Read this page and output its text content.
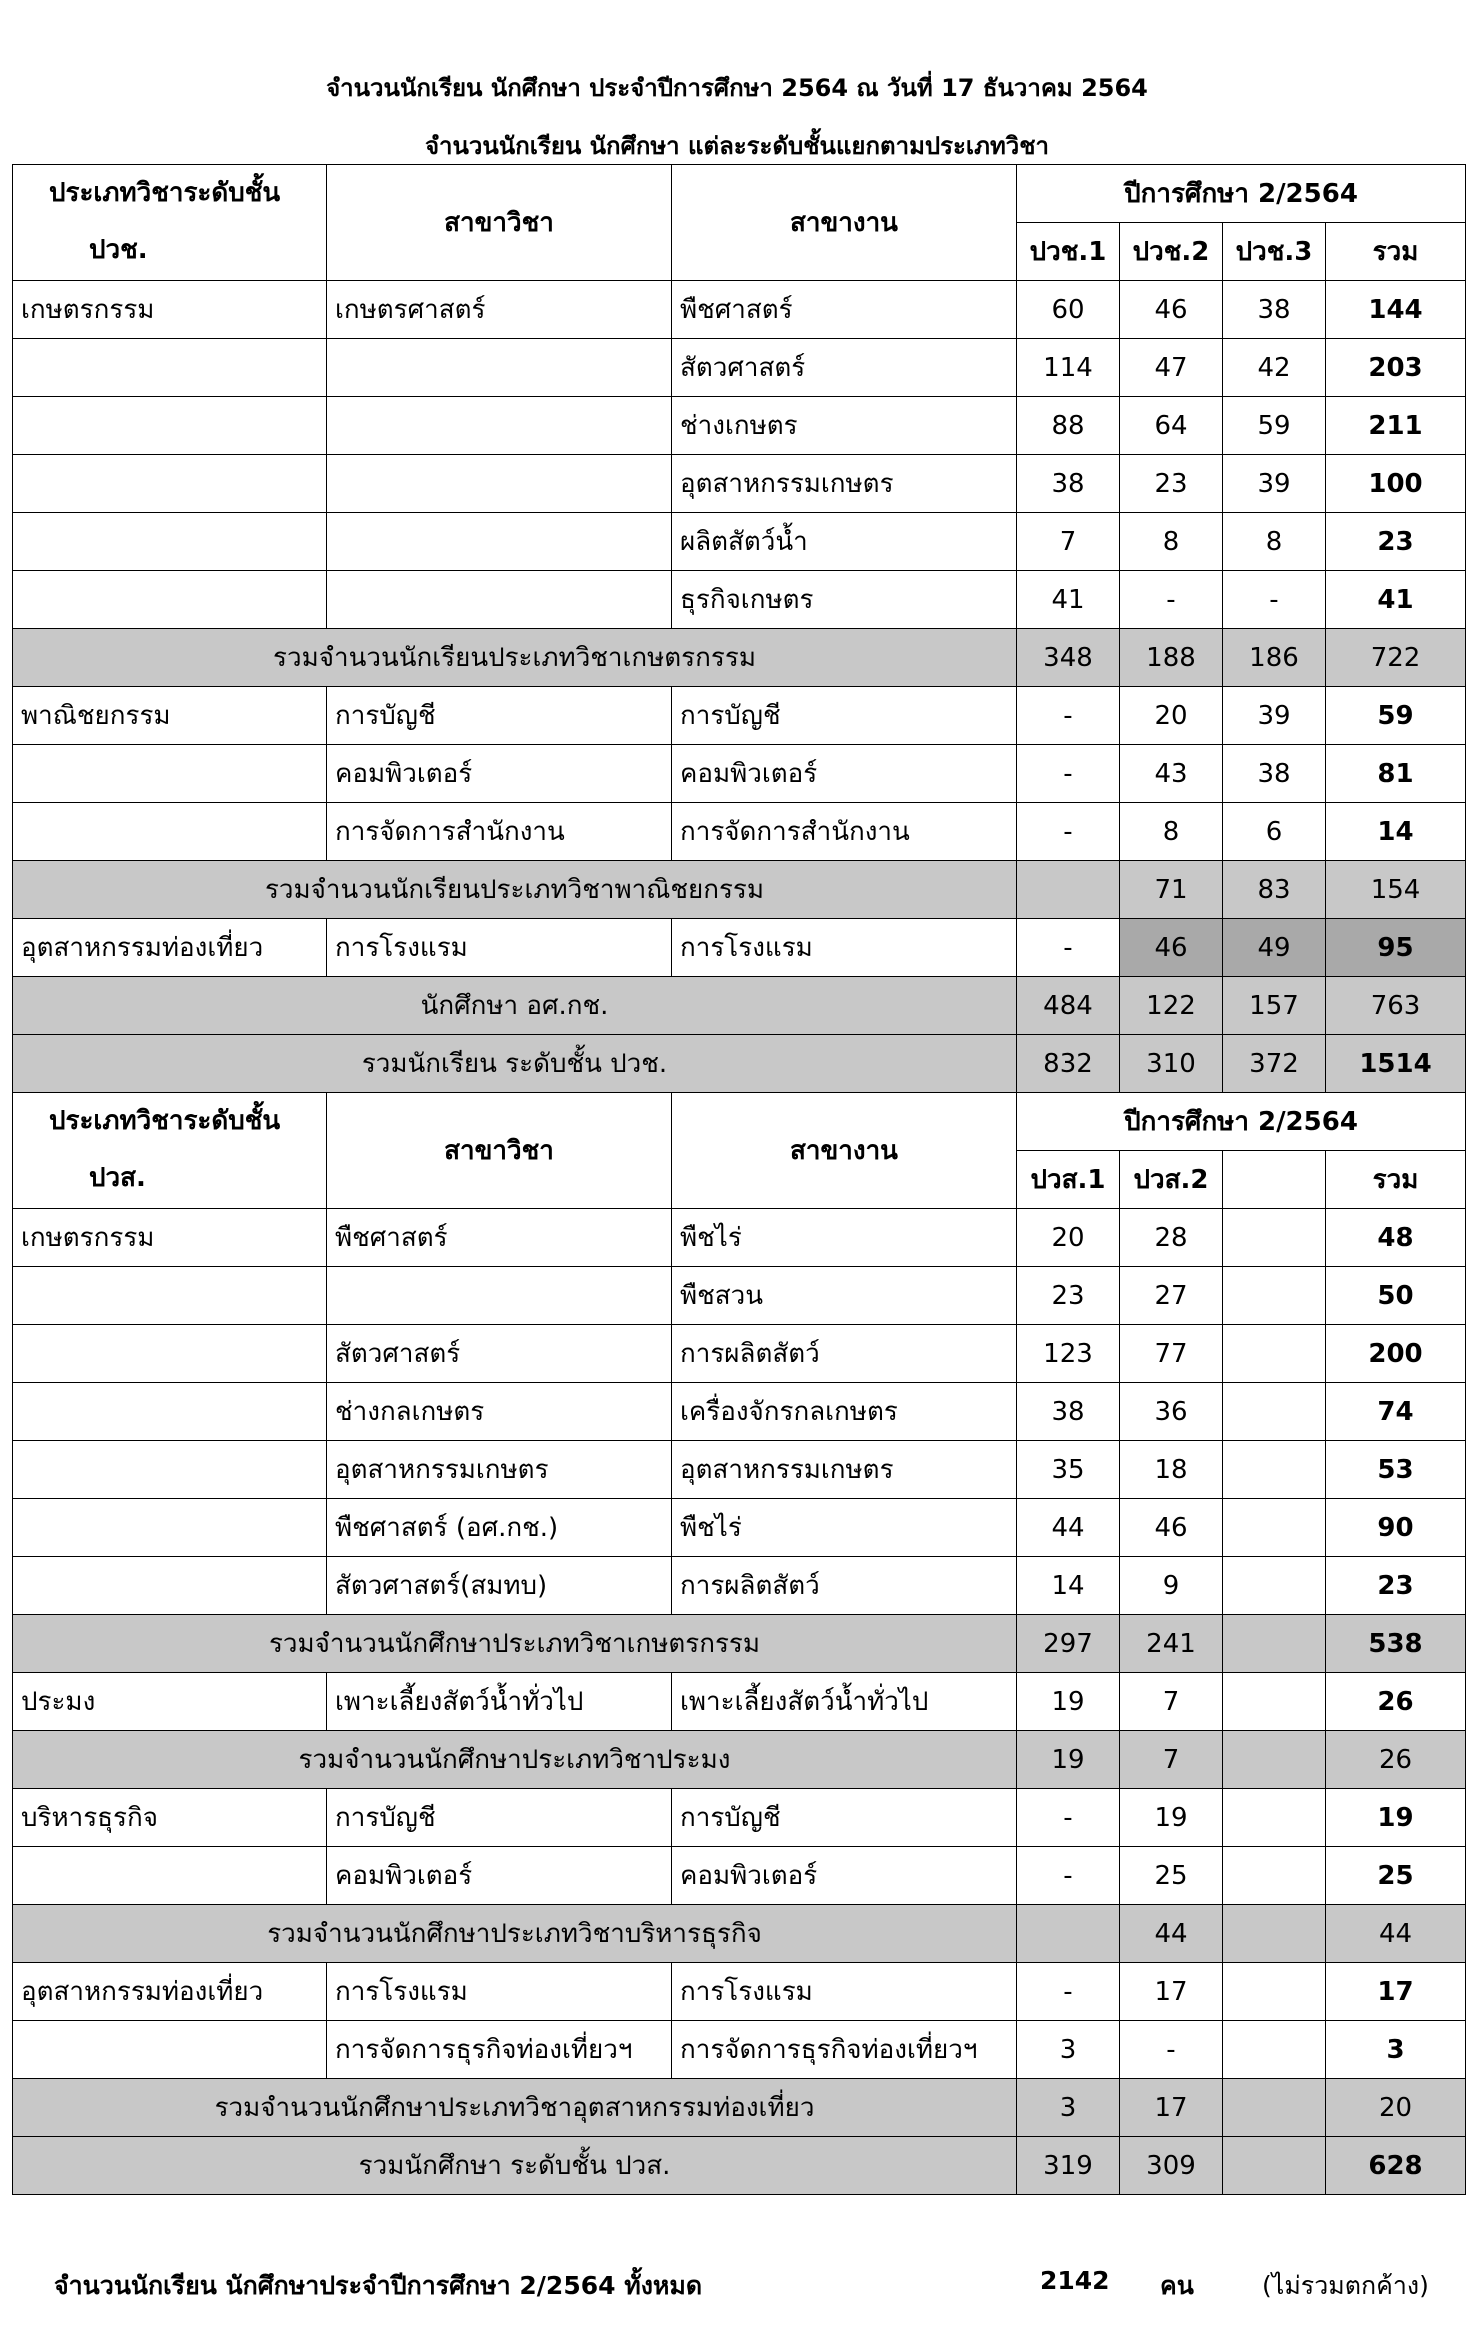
จำนวนนักเรียน นักศึกษา ประจำปีการศึกษา 2564 ณ วันที่ 17 ธันวาคม 2564
จำนวนนักเรียน นักศึกษา แต่ละระดับชั้นแยกตามประเภทวิชา
ประเภทวิชาระดับชั้น
ปวช.	สาขาวิชา	สาขางาน	ปีการศึกษา 2/2564			
			ปวช.1	ปวช.2	ปวช.3	รวม
เกษตรกรรม	เกษตรศาสตร์	พืชศาสตร์	60	46	38	144
		สัตวศาสตร์	114	47	42	203
		ช่างเกษตร	88	64	59	211
		อุตสาหกรรมเกษตร	38	23	39	100
		ผลิตสัตว์น้ำ	7	8	8	23
		ธุรกิจเกษตร	41	-	-	41
รวมจำนวนนักเรียนประเภทวิชาเกษตรกรรม			348	188	186	722
พาณิชยกรรม	การบัญชี	การบัญชี	-	20	39	59
	คอมพิวเตอร์	คอมพิวเตอร์	-	43	38	81
	การจัดการสำนักงาน	การจัดการสำนักงาน	-	8	6	14
รวมจำนวนนักเรียนประเภทวิชาพาณิชยกรรม				71	83	154
อุตสาหกรรมท่องเที่ยว	การโรงแรม	การโรงแรม	-	46	49	95
นักศึกษา อศ.กช.			484	122	157	763
รวมนักเรียน ระดับชั้น ปวช.			832	310	372	1514

ประเภทวิชาระดับชั้น
ปวส.	สาขาวิชา	สาขางาน	ปีการศึกษา 2/2564			
			ปวส.1	ปวส.2		รวม
เกษตรกรรม	พืชศาสตร์	พืชไร่	20	28		48
		พืชสวน	23	27		50
	สัตวศาสตร์	การผลิตสัตว์	123	77		200
	ช่างกลเกษตร	เครื่องจักรกลเกษตร	38	36		74
	อุตสาหกรรมเกษตร	อุตสาหกรรมเกษตร	35	18		53
	พืชศาสตร์ (อศ.กช.)	พืชไร่	44	46		90
	สัตวศาสตร์(สมทบ)	การผลิตสัตว์	14	9		23
รวมจำนวนนักศึกษาประเภทวิชาเกษตรกรรม			297	241		538
ประมง	เพาะเลี้ยงสัตว์น้ำทั่วไป	เพาะเลี้ยงสัตว์น้ำทั่วไป	19	7		26
รวมจำนวนนักศึกษาประเภทวิชาประมง			19	7		26
บริหารธุรกิจ	การบัญชี	การบัญชี	-	19		19
	คอมพิวเตอร์	คอมพิวเตอร์	-	25		25
รวมจำนวนนักศึกษาประเภทวิชาบริหารธุรกิจ				44		44
อุตสาหกรรมท่องเที่ยว	การโรงแรม	การโรงแรม	-	17		17
	การจัดการธุรกิจท่องเที่ยวฯ	การจัดการธุรกิจท่องเที่ยวฯ	3	-		3
รวมจำนวนนักศึกษาประเภทวิชาอุตสาหกรรมท่องเที่ยว			3	17		20
รวมนักศึกษา ระดับชั้น ปวส.			319	309		628
จำนวนนักเรียน นักศึกษาประจำปีการศึกษา 2/2564 ทั้งหมด	2142 คน	(ไม่รวมตกค้าง)
